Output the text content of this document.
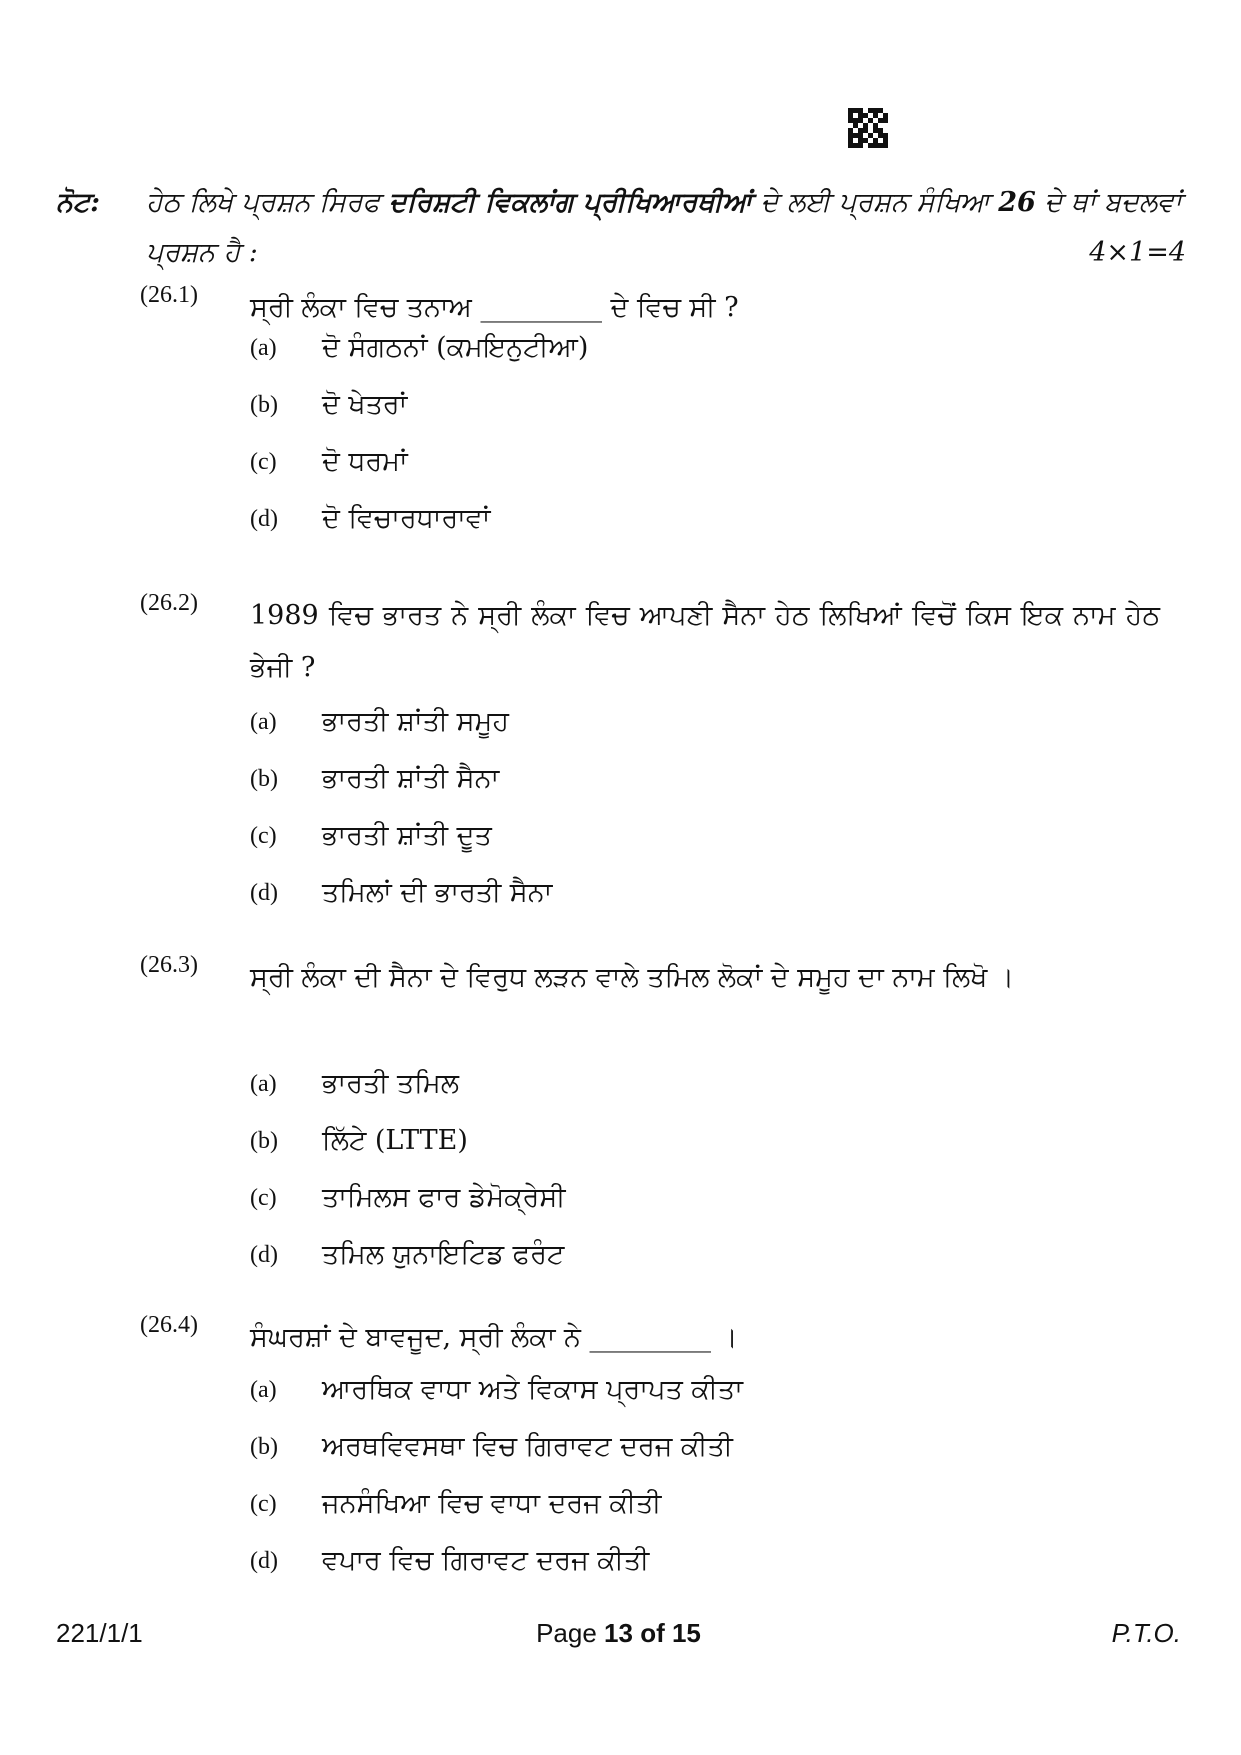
ਨੋਟ: ਹੇਠ ਲਿਖੇ ਪ੍ਰਸ਼ਨ ਸਿਰਫ ਦਰਿਸ਼ਟੀ ਵਿਕਲਾਂਗ ਪ੍ਰੀਖਿਆਰਥੀਆਂ ਦੇ ਲਈ ਪ੍ਰਸ਼ਨ ਸੰਖਿਆ 26 ਦੇ ਥਾਂ ਬਦਲਵਾਂ ਪ੍ਰਸ਼ਨ ਹੈ :	4×1=4
(26.1) ਸ੍ਰੀ ਲੰਕਾ ਵਿਚ ਤਨਾਅ _________ ਦੇ ਵਿਚ ਸੀ ?
(a) ਦੋ ਸੰਗਠਨਾਂ (ਕਮਇਨੁਟੀਆ)
(b) ਦੋ ਖੇਤਰਾਂ
(c) ਦੋ ਧਰਮਾਂ
(d) ਦੋ ਵਿਚਾਰਧਾਰਾਵਾਂ
(26.2) 1989 ਵਿਚ ਭਾਰਤ ਨੇ ਸ੍ਰੀ ਲੰਕਾ ਵਿਚ ਆਪਣੀ ਸੈਨਾ ਹੇਠ ਲਿਖਿਆਂ ਵਿਚੋਂ ਕਿਸ ਇਕ ਨਾਮ ਹੇਠ ਭੇਜੀ ?
(a) ਭਾਰਤੀ ਸ਼ਾਂਤੀ ਸਮੂਹ
(b) ਭਾਰਤੀ ਸ਼ਾਂਤੀ ਸੈਨਾ
(c) ਭਾਰਤੀ ਸ਼ਾਂਤੀ ਦੂਤ
(d) ਤਮਿਲਾਂ ਦੀ ਭਾਰਤੀ ਸੈਨਾ
(26.3) ਸ੍ਰੀ ਲੰਕਾ ਦੀ ਸੈਨਾ ਦੇ ਵਿਰੁਧ ਲੜਨ ਵਾਲੇ ਤਮਿਲ ਲੋਕਾਂ ਦੇ ਸਮੂਹ ਦਾ ਨਾਮ ਲਿਖੋ ।
(a) ਭਾਰਤੀ ਤਮਿਲ
(b) ਲਿੱਟੇ (LTTE)
(c) ਤਾਮਿਲਸ ਫਾਰ ਡੇਮੋਕ੍ਰੇਸੀ
(d) ਤਮਿਲ ਯੁਨਾਇਟਿਡ ਫਰੰਟ
(26.4) ਸੰਘਰਸ਼ਾਂ ਦੇ ਬਾਵਜੂਦ, ਸ੍ਰੀ ਲੰਕਾ ਨੇ _________ ।
(a) ਆਰਥਿਕ ਵਾਧਾ ਅਤੇ ਵਿਕਾਸ ਪ੍ਰਾਪਤ ਕੀਤਾ
(b) ਅਰਥਵਿਵਸਥਾ ਵਿਚ ਗਿਰਾਵਟ ਦਰਜ ਕੀਤੀ
(c) ਜਨਸੰਖਿਆ ਵਿਚ ਵਾਧਾ ਦਰਜ ਕੀਤੀ
(d) ਵਪਾਰ ਵਿਚ ਗਿਰਾਵਟ ਦਰਜ ਕੀਤੀ
221/1/1	Page 13 of 15	P.T.O.
